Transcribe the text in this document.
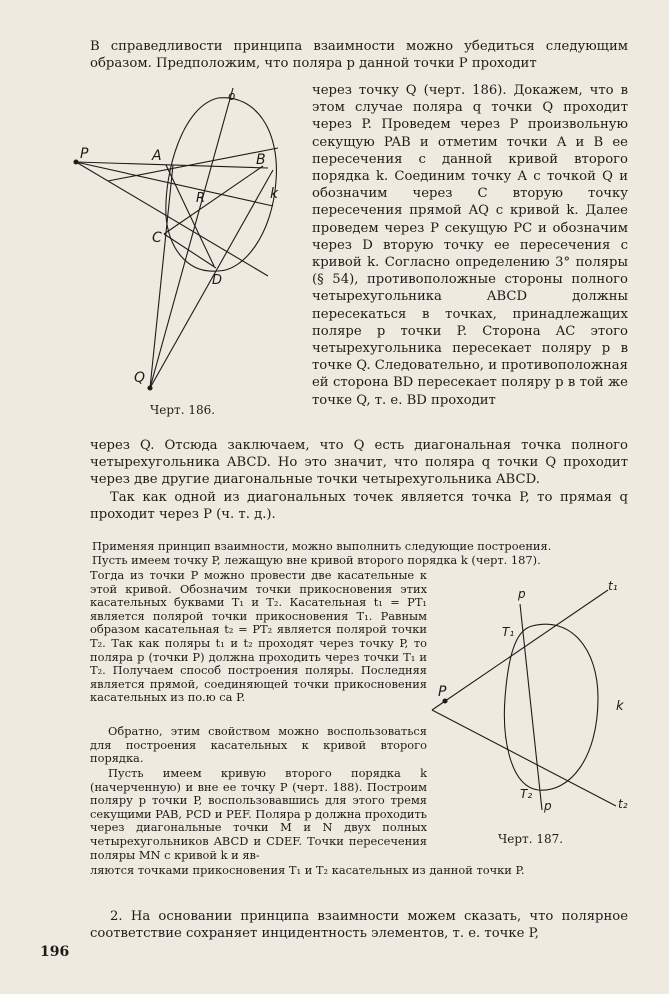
В справедливости принципа взаимности можно убедиться следующим образом. Предположим, что поляра p данной точки P проходит

через точку Q (черт. 186). Докажем, что в этом случае поляра q точки Q проходит через P. Проведем через P произвольную секущую PAB и отметим точки A и B ее пересечения с данной кривой второго порядка k. Соединим точку A с точкой Q и обозначим через C вторую точку пересечения прямой AQ с кривой k. Далее проведем через P секущую PC и обозначим через D вторую точку ее пересечения с кривой k. Согласно определению 3° поляры (§ 54), противоположные стороны полного четырехугольника ABCD должны пересекаться в точках, принадлежащих поляре p точки P. Сторона AC этого четырехугольника пересекает поляру p в точке Q. Следовательно, и противоположная ей сторона BD пересекает поляру p в той же точке Q, т. е. BD проходит

через Q. Отсюда заключаем, что Q есть диагональная точка полного четырехугольника ABCD. Но это значит, что поляра q точки Q проходит через две другие диагональные точки четырехугольника ABCD.

Так как одной из диагональных точек является точка P, то прямая q проходит через P (ч. т. д.).

o
P	A	B
R	k
C
D
Q
Черт. 186.

Применяя принцип взаимности, можно выполнить следующие построения.

Пусть имеем точку P, лежащую вне кривой второго порядка k (черт. 187).

Тогда из точки P можно провести две касательные к этой кривой. Обозначим точки прикосновения этих касательных буквами T₁ и T₂. Касательная t₁ = PT₁ является полярой точки прикосновения T₁. Равным образом касательная t₂ = PT₂ является полярой точки T₂. Так как поляры t₁ и t₂ проходят через точку P, то поляра p (точки P) должна проходить через точки T₁ и T₂. Получаем способ построения поляры. Последняя является прямой, соединяющей точки прикосновения касательных из по.ю са P.

Обратно, этим свойством можно воспользоваться для построения касательных к кривой второго порядка.

Пусть имеем кривую второго порядка k (начерченную) и вне ее точку P (черт. 188). Построим поляру p точки P, воспользовавшись для этого тремя секущими PAB, PCD и PEF. Поляра p должна проходить через диагональные точки M и N двух полных четырехугольников ABCD и CDEF. Точки пересечения поляры MN с кривой k и яв-

ляются точками прикосновения T₁ и T₂ касательных из данной точки P.

p
t₁
T₁
k
P
T₂
p	t₂
Черт. 187.

2. На основании принципа взаимности можем сказать, что полярное соответствие сохраняет инцидентность элементов, т. е. точке P,

196
